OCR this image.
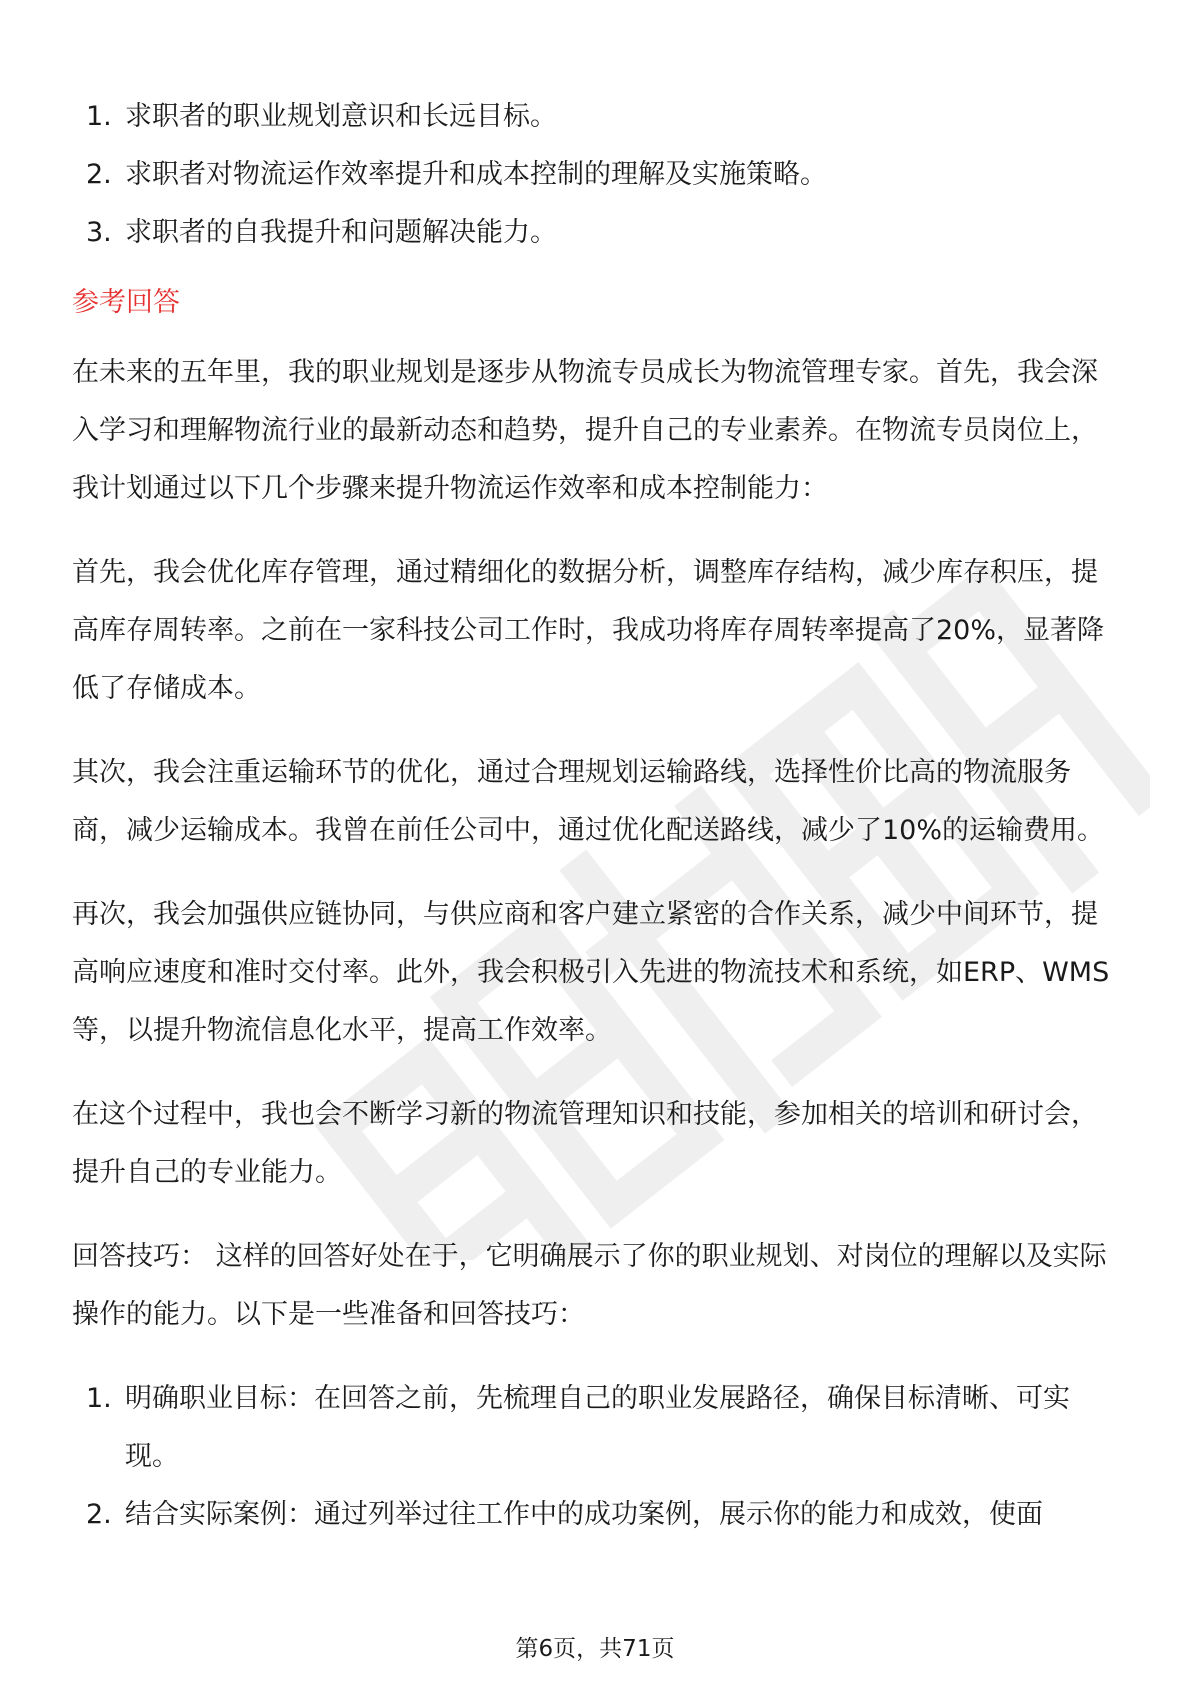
1. 求职者的职业规划意识和长远目标。
2. 求职者对物流运作效率提升和成本控制的理解及实施策略。
3. 求职者的自我提升和问题解决能力。
参考回答

在未来的五年里，我的职业规划是逐步从物流专员成长为物流管理专家。首先，我会深入学习和理解物流行业的最新动态和趋势，提升自己的专业素养。在物流专员岗位上，我计划通过以下几个步骤来提升物流运作效率和成本控制能力：

首先，我会优化库存管理，通过精细化的数据分析，调整库存结构，减少库存积压，提高库存周转率。之前在一家科技公司工作时，我成功将库存周转率提高了20%，显著降低了存储成本。

其次，我会注重运输环节的优化，通过合理规划运输路线，选择性价比高的物流服务商，减少运输成本。我曾在前任公司中，通过优化配送路线，减少了10%的运输费用。

再次，我会加强供应链协同，与供应商和客户建立紧密的合作关系，减少中间环节，提高响应速度和准时交付率。此外，我会积极引入先进的物流技术和系统，如ERP、WMS等，以提升物流信息化水平，提高工作效率。

在这个过程中，我也会不断学习新的物流管理知识和技能，参加相关的培训和研讨会，提升自己的专业能力。

回答技巧： 这样的回答好处在于，它明确展示了你的职业规划、对岗位的理解以及实际操作的能力。以下是一些准备和回答技巧：

1. 明确职业目标：在回答之前，先梳理自己的职业发展路径，确保目标清晰、可实现。
2. 结合实际案例：通过列举过往工作中的成功案例，展示你的能力和成效，使面
第6页，共71页
